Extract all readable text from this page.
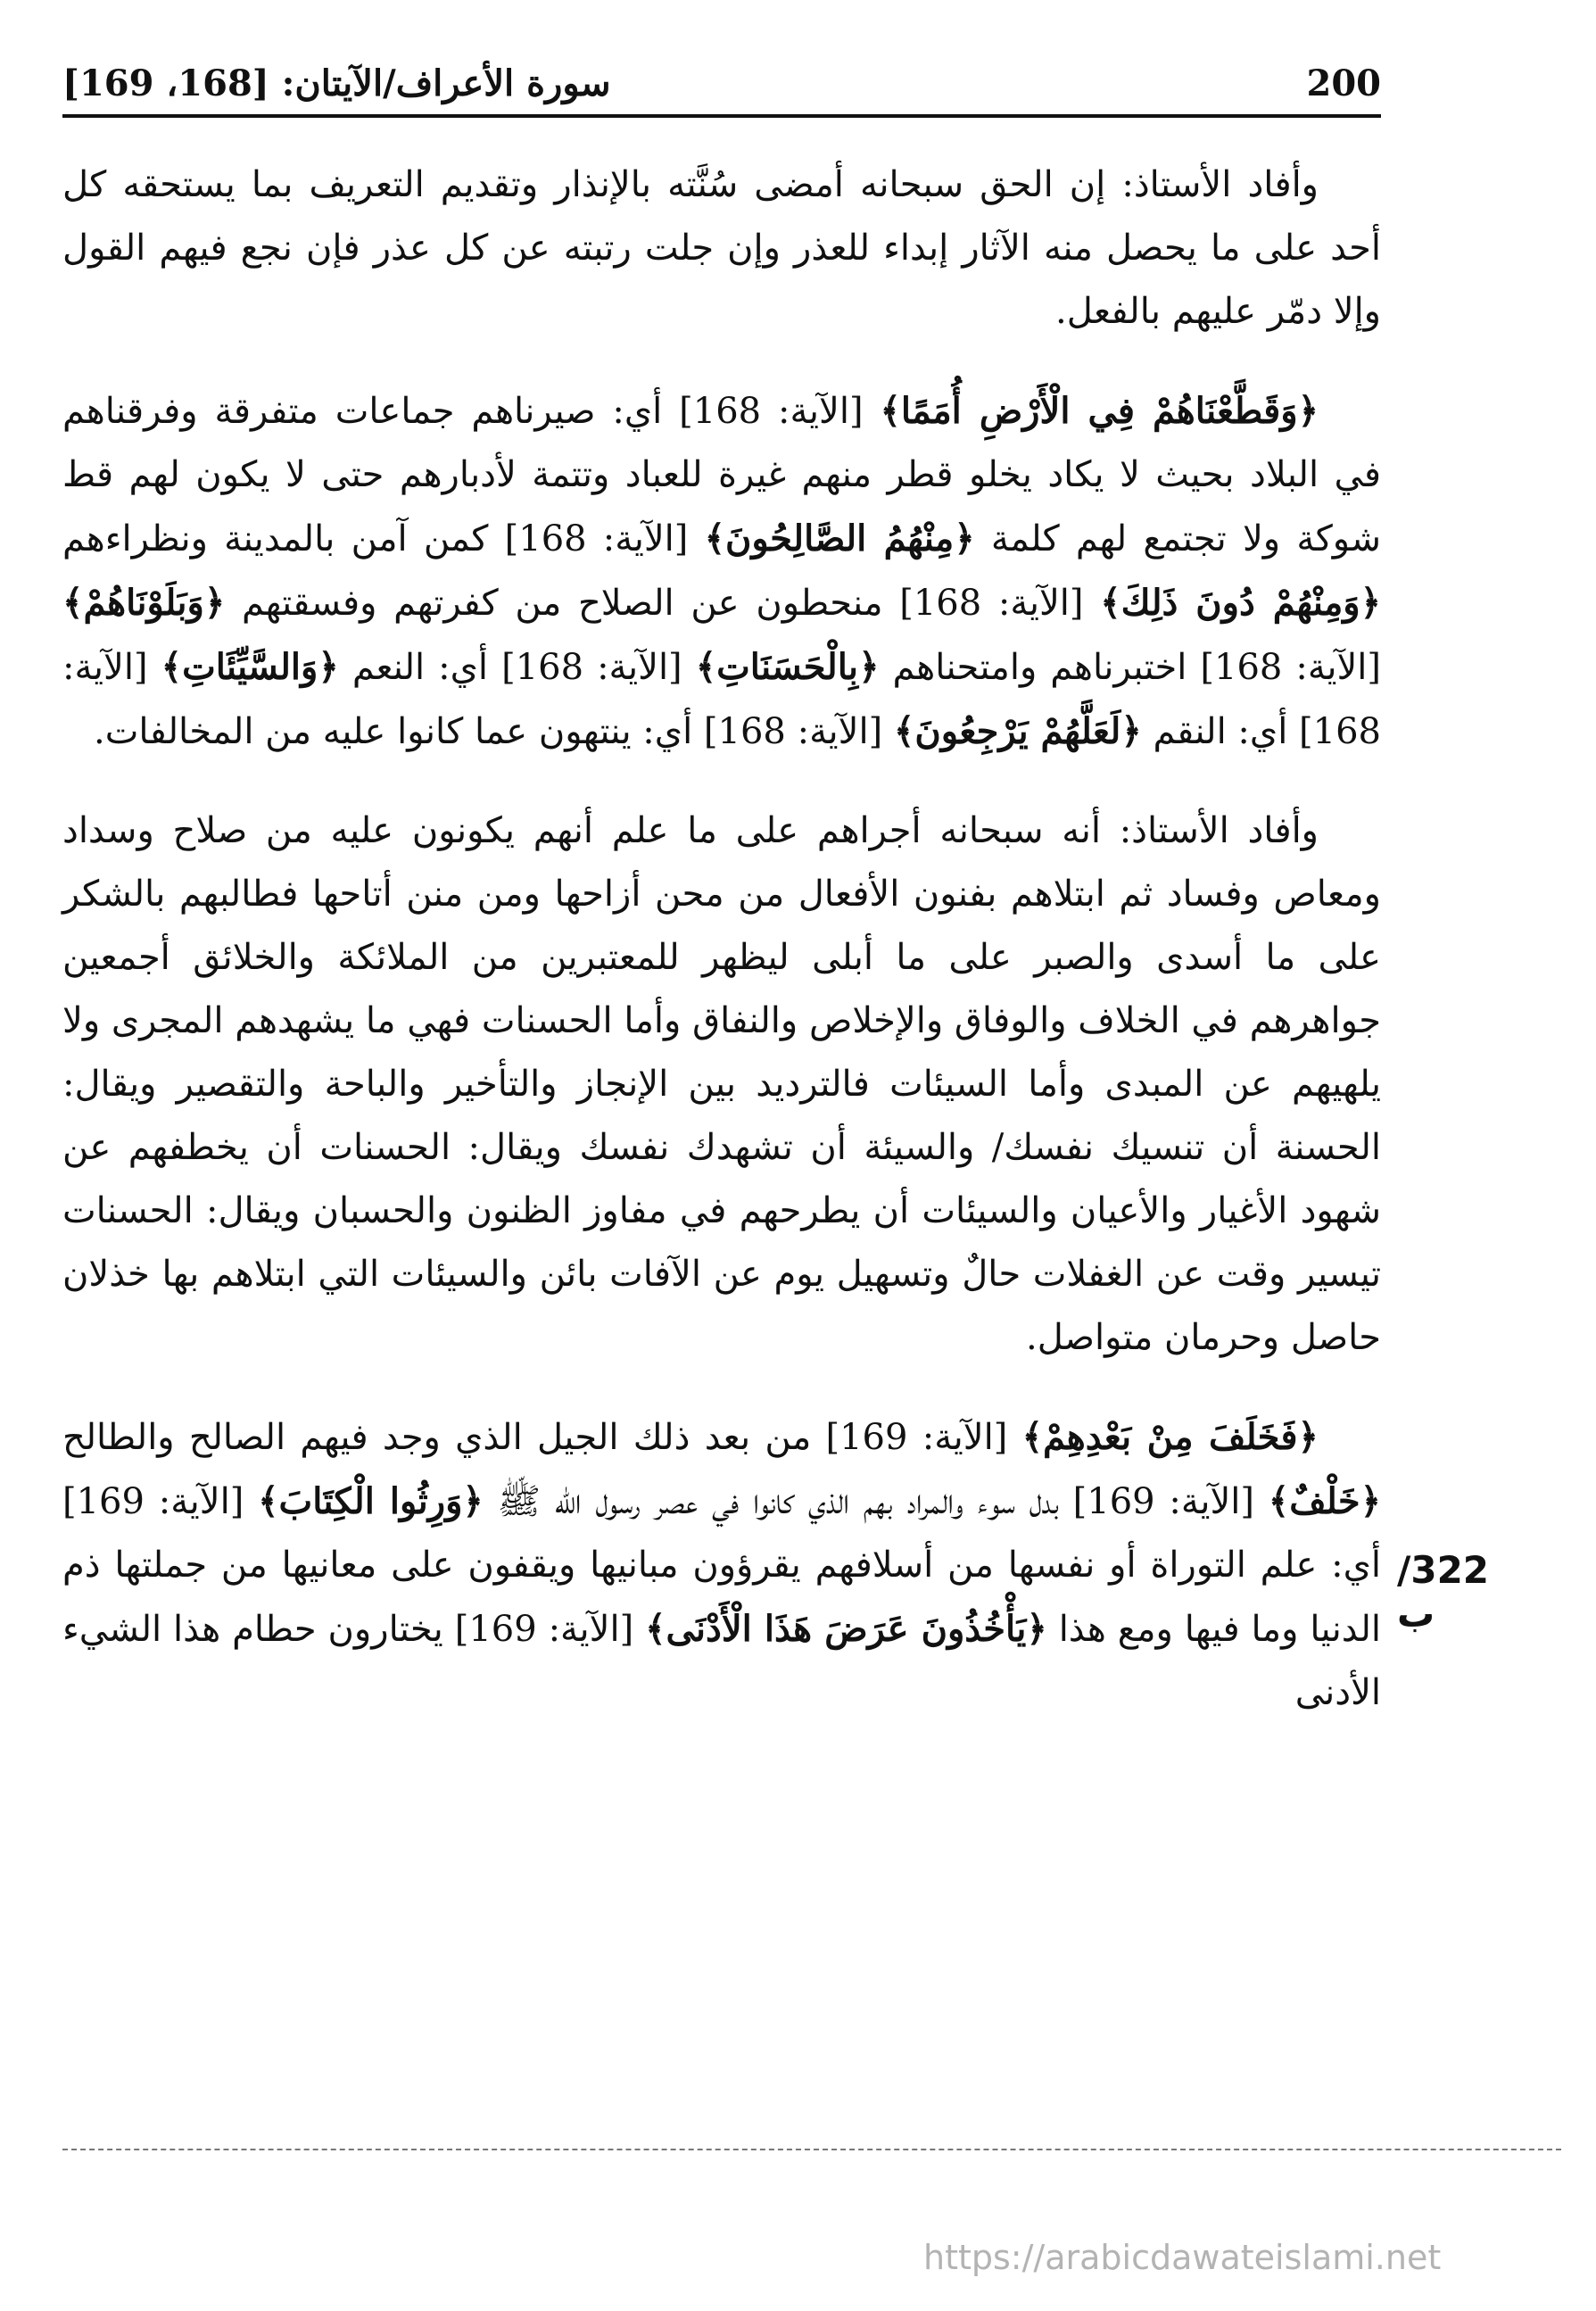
200
سورة الأعراف/الآيتان: [168، 169]

وأفاد الأستاذ: إن الحق سبحانه أمضى سُنَّته بالإنذار وتقديم التعريف بما يستحقه كل أحد على ما يحصل منه الآثار إبداء للعذر وإن جلت رتبته عن كل عذر فإن نجع فيهم القول وإلا دمّر عليهم بالفعل.

﴿وَقَطَّعْنَاهُمْ فِي الْأَرْضِ أُمَمًا﴾ [الآية: 168] أي: صيرناهم جماعات متفرقة وفرقناهم في البلاد بحيث لا يكاد يخلو قطر منهم غيرة للعباد وتتمة لأدبارهم حتى لا يكون لهم قط شوكة ولا تجتمع لهم كلمة ﴿مِنْهُمُ الصَّالِحُونَ﴾ [الآية: 168] كمن آمن بالمدينة ونظراءهم ﴿وَمِنْهُمْ دُونَ ذَلِكَ﴾ [الآية: 168] منحطون عن الصلاح من كفرتهم وفسقتهم ﴿وَبَلَوْنَاهُمْ﴾ [الآية: 168] اختبرناهم وامتحناهم ﴿بِالْحَسَنَاتِ﴾ [الآية: 168] أي: النعم ﴿وَالسَّيِّئَاتِ﴾ [الآية: 168] أي: النقم ﴿لَعَلَّهُمْ يَرْجِعُونَ﴾ [الآية: 168] أي: ينتهون عما كانوا عليه من المخالفات.

وأفاد الأستاذ: أنه سبحانه أجراهم على ما علم أنهم يكونون عليه من صلاح وسداد ومعاص وفساد ثم ابتلاهم بفنون الأفعال من محن أزاحها ومن منن أتاحها فطالبهم بالشكر على ما أسدى والصبر على ما أبلى ليظهر للمعتبرين من الملائكة والخلائق أجمعين جواهرهم في الخلاف والوفاق والإخلاص والنفاق وأما الحسنات فهي ما يشهدهم المجرى ولا يلهيهم عن المبدى وأما السيئات فالترديد بين الإنجاز والتأخير والباحة والتقصير ويقال: الحسنة أن تنسيك نفسك/ والسيئة أن تشهدك نفسك ويقال: الحسنات أن يخطفهم عن شهود الأغيار والأعيان والسيئات أن يطرحهم في مفاوز الظنون والحسبان ويقال: الحسنات تيسير وقت عن الغفلات حالٌ وتسهيل يوم عن الآفات بائن والسيئات التي ابتلاهم بها خذلان حاصل وحرمان متواصل.

﴿فَخَلَفَ مِنْ بَعْدِهِمْ﴾ [الآية: 169] من بعد ذلك الجيل الذي وجد فيهم الصالح والطالح ﴿خَلْفٌ﴾ [الآية: 169] بدل سوء والمراد بهم الذي كانوا في عصر رسول الله ﷺ ﴿وَرِثُوا الْكِتَابَ﴾ [الآية: 169] أي: علم التوراة أو نفسها من أسلافهم يقرؤون مبانيها ويقفون على معانيها من جملتها ذم الدنيا وما فيها ومع هذا ﴿يَأْخُذُونَ عَرَضَ هَذَا الْأَدْنَى﴾ [الآية: 169] يختارون حطام هذا الشيء الأدنى

322/ب
https://arabicdawateislami.net
